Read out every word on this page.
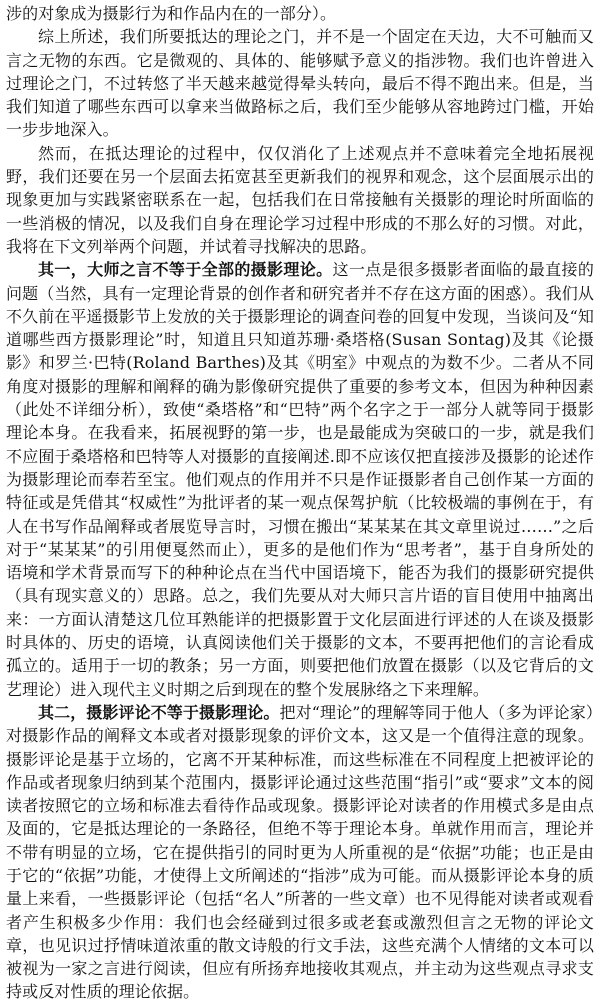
涉的对象成为摄影行为和作品内在的一部分）。

综上所述，我们所要抵达的理论之门，并不是一个固定在天边，大不可触而又言之无物的东西。它是微观的、具体的、能够赋予意义的指涉物。我们也许曾进入过理论之门，不过转悠了半天越来越觉得晕头转向，最后不得不跑出来。但是，当我们知道了哪些东西可以拿来当做路标之后，我们至少能够从容地跨过门槛，开始一步步地深入。

然而，在抵达理论的过程中，仅仅消化了上述观点并不意味着完全地拓展视野，我们还要在另一个层面去拓宽甚至更新我们的视界和观念，这个层面展示出的现象更加与实践紧密联系在一起，包括我们在日常接触有关摄影的理论时所面临的一些消极的情况，以及我们自身在理论学习过程中形成的不那么好的习惯。对此，我将在下文列举两个问题，并试着寻找解决的思路。

其一，大师之言不等于全部的摄影理论。这一点是很多摄影者面临的最直接的问题（当然，具有一定理论背景的创作者和研究者并不存在这方面的困惑）。我们从不久前在平遥摄影节上发放的关于摄影理论的调查问卷的回复中发现，当谈问及“知道哪些西方摄影理论”时，知道且只知道苏珊·桑塔格(Susan Sontag)及其《论摄影》和罗兰·巴特(Roland Barthes)及其《明室》中观点的为数不少。二者从不同角度对摄影的理解和阐释的确为影像研究提供了重要的参考文本，但因为种种因素（此处不详细分析），致使“桑塔格”和“巴特”两个名字之于一部分人就等同于摄影理论本身。在我看来，拓展视野的第一步，也是最能成为突破口的一步，就是我们不应囿于桑塔格和巴特等人对摄影的直接阐述.即不应该仅把直接涉及摄影的论述作为摄影理论而奉若至宝。他们观点的作用并不只是作证摄影者自己创作某一方面的特征或是凭借其“权威性”为批评者的某一观点保驾护航（比较极端的事例在于，有人在书写作品阐释或者展览导言时，习惯在搬出“某某某在其文章里说过……”之后对于“某某某”的引用便戛然而止），更多的是他们作为“思考者”，基于自身所处的语境和学术背景而写下的种种论点在当代中国语境下，能否为我们的摄影研究提供（具有现实意义的）思路。总之，我们先要从对大师只言片语的盲目使用中抽离出来：一方面认清楚这几位耳熟能详的把摄影置于文化层面进行评述的人在谈及摄影时具体的、历史的语境，认真阅读他们关于摄影的文本，不要再把他们的言论看成孤立的。适用于一切的教条；另一方面，则要把他们放置在摄影（以及它背后的文艺理论）进入现代主义时期之后到现在的整个发展脉络之下来理解。

其二，摄影评论不等于摄影理论。把对“理论”的理解等同于他人（多为评论家）对摄影作品的阐释文本或者对摄影现象的评价文本，这又是一个值得注意的现象。摄影评论是基于立场的，它离不开某种标准，而这些标准在不同程度上把被评论的作品或者现象归纳到某个范围内，摄影评论通过这些范围“指引”或“要求”文本的阅读者按照它的立场和标准去看待作品或现象。摄影评论对读者的作用模式多是由点及面的，它是抵达理论的一条路径，但绝不等于理论本身。单就作用而言，理论并不带有明显的立场，它在提供指引的同时更为人所重视的是“依据”功能；也正是由于它的“依据”功能，才使得上文所阐述的“指涉”成为可能。而从摄影评论本身的质量上来看，一些摄影评论（包括“名人”所著的一些文章）也不见得能对读者或观看者产生积极多少作用：我们也会经碰到过很多或老套或激烈但言之无物的评论文章，也见识过抒情味道浓重的散文诗般的行文手法，这些充满个人情绪的文本可以被视为一家之言进行阅读，但应有所扬弃地接收其观点，并主动为这些观点寻求支持或反对性质的理论依据。
